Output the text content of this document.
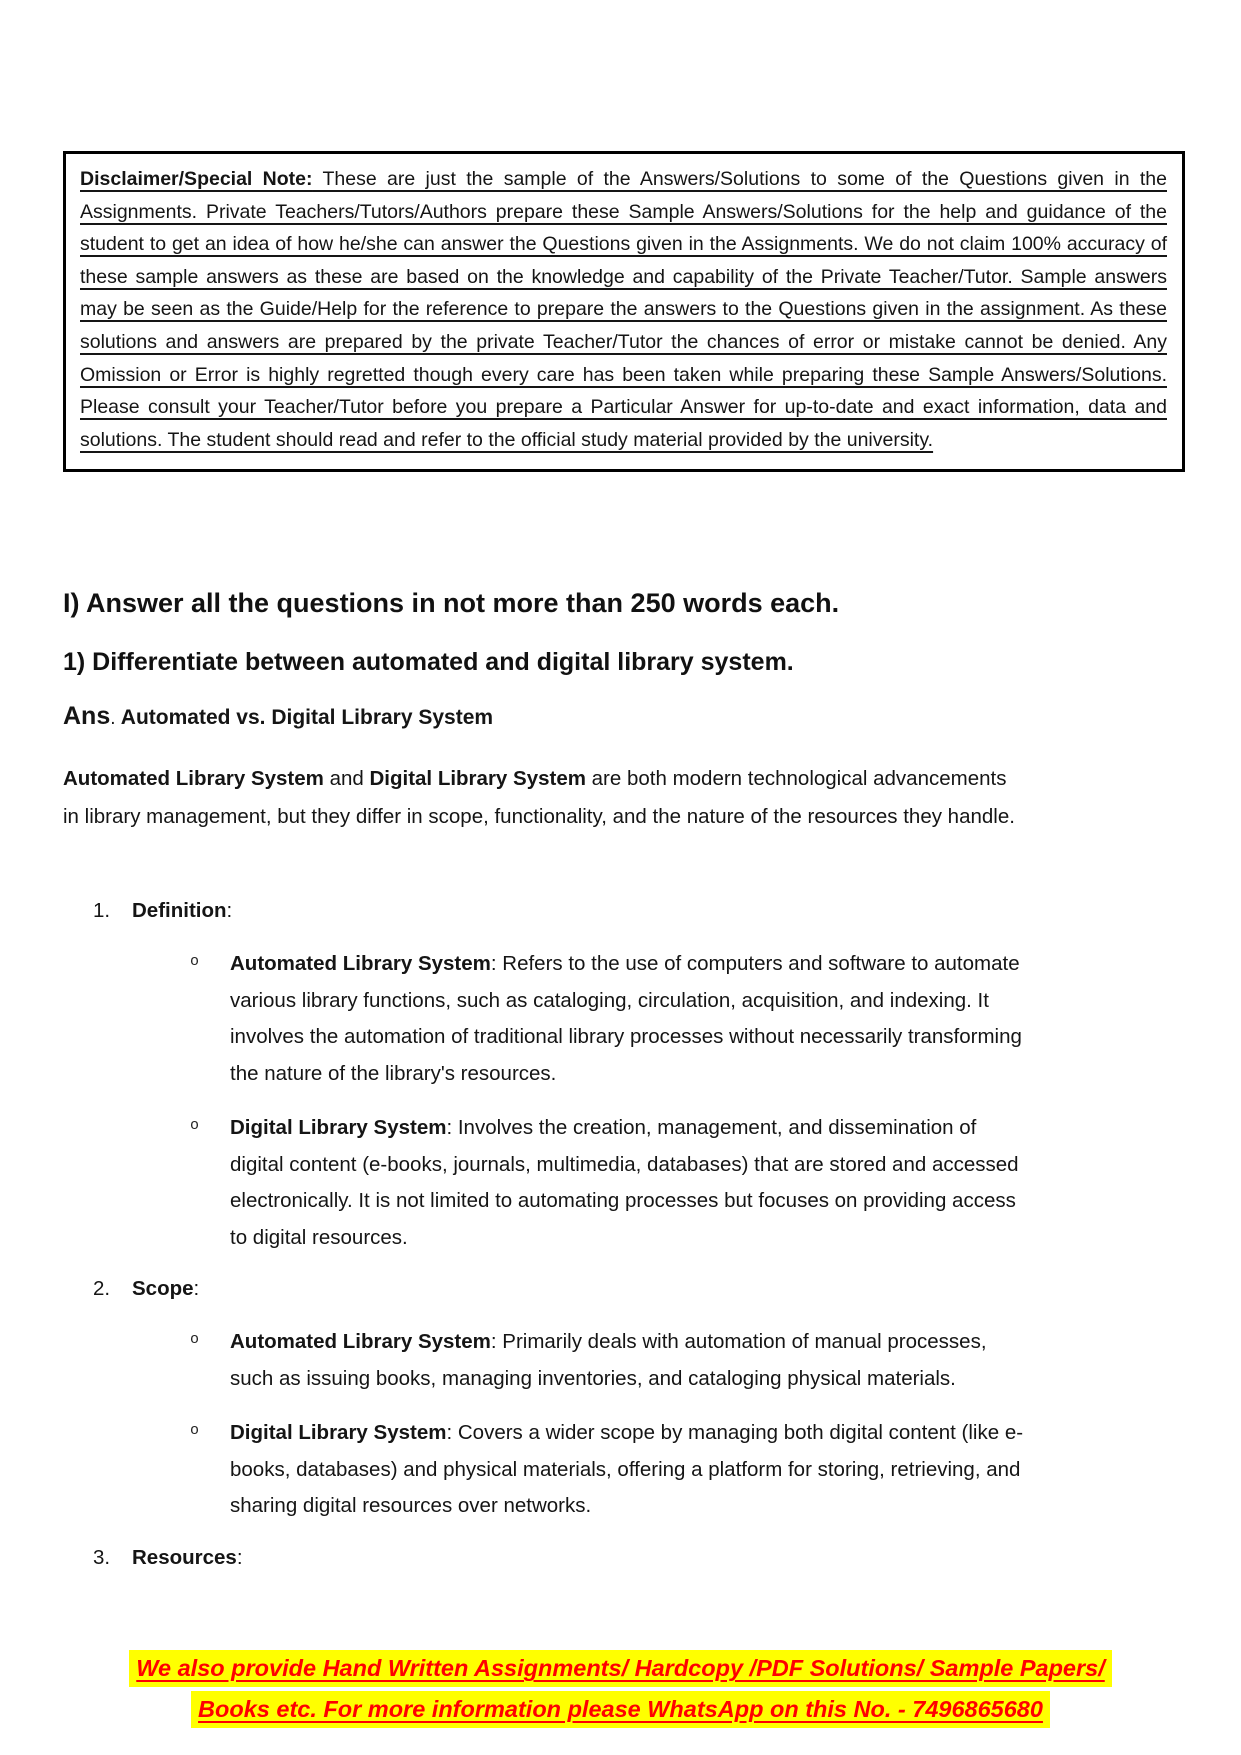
Disclaimer/Special Note: These are just the sample of the Answers/Solutions to some of the Questions given in the Assignments. Private Teachers/Tutors/Authors prepare these Sample Answers/Solutions for the help and guidance of the student to get an idea of how he/she can answer the Questions given in the Assignments. We do not claim 100% accuracy of these sample answers as these are based on the knowledge and capability of the Private Teacher/Tutor. Sample answers may be seen as the Guide/Help for the reference to prepare the answers to the Questions given in the assignment. As these solutions and answers are prepared by the private Teacher/Tutor the chances of error or mistake cannot be denied. Any Omission or Error is highly regretted though every care has been taken while preparing these Sample Answers/Solutions. Please consult your Teacher/Tutor before you prepare a Particular Answer for up-to-date and exact information, data and solutions. The student should read and refer to the official study material provided by the university.

I) Answer all the questions in not more than 250 words each.
1) Differentiate between automated and digital library system.
Ans. Automated vs. Digital Library System

Automated Library System and Digital Library System are both modern technological advancements in library management, but they differ in scope, functionality, and the nature of the resources they handle.

1. Definition:
o	Automated Library System: Refers to the use of computers and software to automate various library functions, such as cataloging, circulation, acquisition, and indexing. It involves the automation of traditional library processes without necessarily transforming the nature of the library's resources.

o	Digital Library System: Involves the creation, management, and dissemination of digital content (e-books, journals, multimedia, databases) that are stored and accessed electronically. It is not limited to automating processes but focuses on providing access to digital resources.

2. Scope:
o	Automated Library System: Primarily deals with automation of manual processes, such as issuing books, managing inventories, and cataloging physical materials.

o	Digital Library System: Covers a wider scope by managing both digital content (like e-books, databases) and physical materials, offering a platform for storing, retrieving, and sharing digital resources over networks.

3. Resources:
We also provide Hand Written Assignments/ Hardcopy /PDF Solutions/ Sample Papers/
Books etc. For more information please WhatsApp on this No. - 7496865680
